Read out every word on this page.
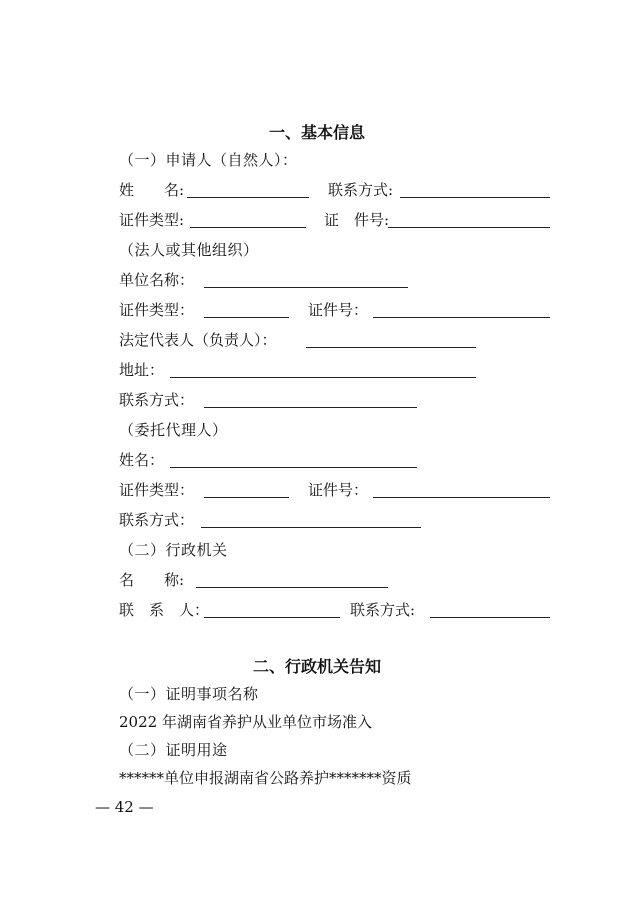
一、基本信息
（一）申请人（自然人）：
姓　　名:	联系方式:
证件类型:	证　件号:
（法人或其他组织）
单位名称：
证件类型：	证件号：
法定代表人（负责人）：
地址：
联系方式：
（委托代理人）
姓名：
证件类型：	证件号：
联系方式：
（二）行政机关
名　　称:
联　系　人：	联系方式:
二、行政机关告知
（一）证明事项名称
2022 年湖南省养护从业单位市场准入
（二）证明用途
******单位申报湖南省公路养护*******资质
— 42 —
